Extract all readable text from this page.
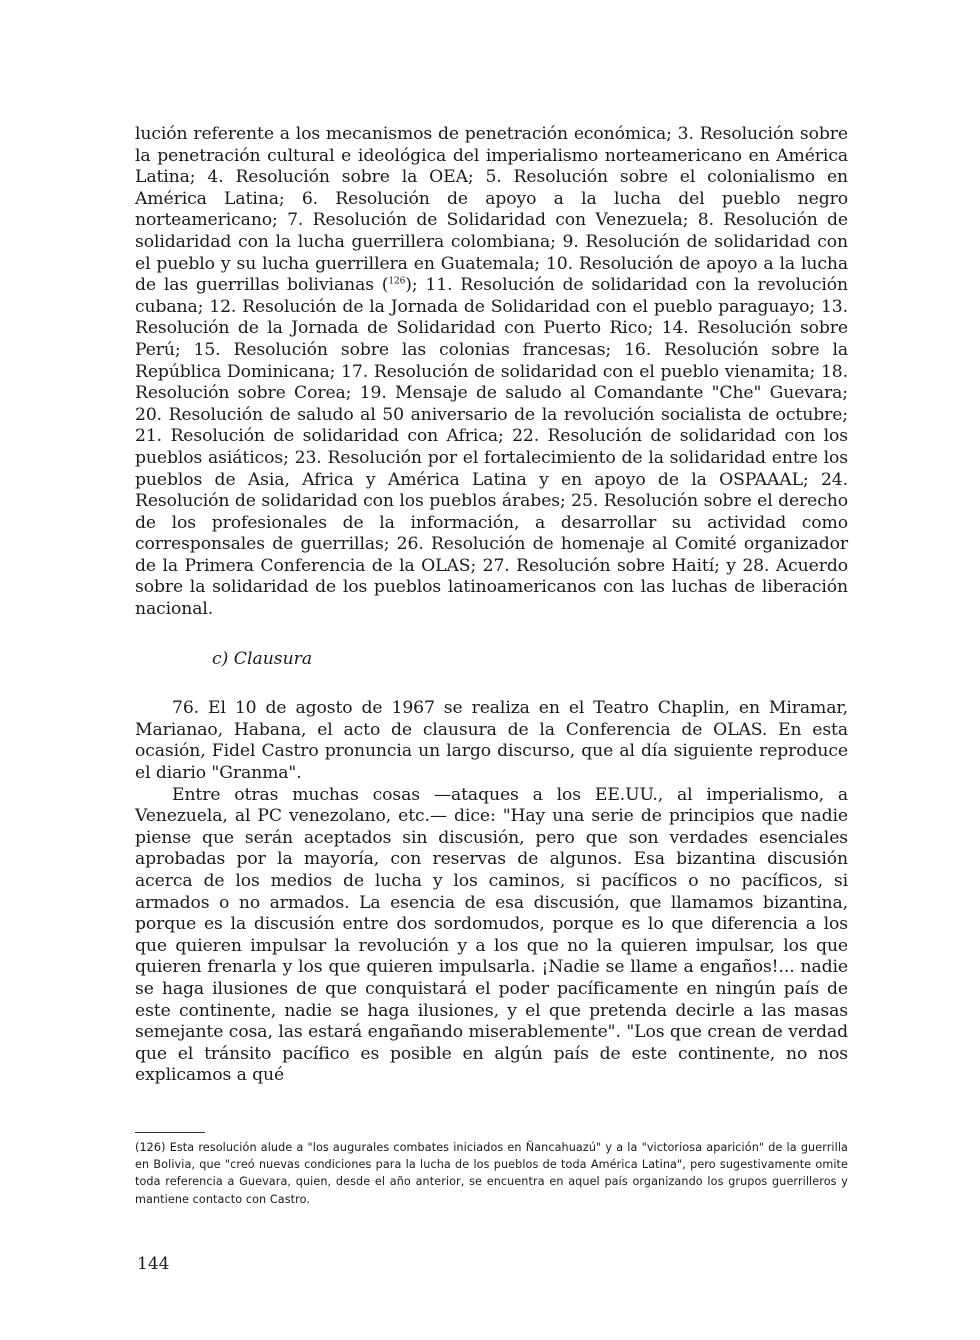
lución referente a los mecanismos de penetración económica; 3. Resolución sobre la penetración cultural e ideológica del imperialismo norteamericano en América Latina; 4. Resolución sobre la OEA; 5. Resolución sobre el colonialismo en América Latina; 6. Resolución de apoyo a la lucha del pueblo negro norteamericano; 7. Resolución de Solidaridad con Venezuela; 8. Resolución de solidaridad con la lucha guerrillera colombiana; 9. Resolución de solidaridad con el pueblo y su lucha guerrillera en Guatemala; 10. Resolución de apoyo a la lucha de las guerrillas bolivianas ($^{126}$); 11. Resolución de solidaridad con la revolución cubana; 12. Resolución de la Jornada de Solidaridad con el pueblo paraguayo; 13. Resolución de la Jornada de Solidaridad con Puerto Rico; 14. Resolución sobre Perú; 15. Resolución sobre las colonias francesas; 16. Resolución sobre la República Dominicana; 17. Resolución de solidaridad con el pueblo vienamita; 18. Resolución sobre Corea; 19. Mensaje de saludo al Comandante "Che" Guevara; 20. Resolución de saludo al 50 aniversario de la revolución socialista de octubre; 21. Resolución de solidaridad con Africa; 22. Resolución de solidaridad con los pueblos asiáticos; 23. Resolución por el fortalecimiento de la solidaridad entre los pueblos de Asia, Africa y América Latina y en apoyo de la OSPAAAL; 24. Resolución de solidaridad con los pueblos árabes; 25. Resolución sobre el derecho de los profesionales de la información, a desarrollar su actividad como corresponsales de guerrillas; 26. Resolución de homenaje al Comité organizador de la Primera Conferencia de la OLAS; 27. Resolución sobre Haití; y 28. Acuerdo sobre la solidaridad de los pueblos latinoamericanos con las luchas de liberación nacional.

c) Clausura

76. El 10 de agosto de 1967 se realiza en el Teatro Chaplin, en Miramar, Marianao, Habana, el acto de clausura de la Conferencia de OLAS. En esta ocasión, Fidel Castro pronuncia un largo discurso, que al día siguiente reproduce el diario "Granma".

Entre otras muchas cosas —ataques a los EE.UU., al imperialismo, a Venezuela, al PC venezolano, etc.— dice: "Hay una serie de principios que nadie piense que serán aceptados sin discusión, pero que son verdades esenciales aprobadas por la mayoría, con reservas de algunos. Esa bizantina discusión acerca de los medios de lucha y los caminos, si pacíficos o no pacíficos, si armados o no armados. La esencia de esa discusión, que llamamos bizantina, porque es la discusión entre dos sordomudos, porque es lo que diferencia a los que quieren impulsar la revolución y a los que no la quieren impulsar, los que quieren frenarla y los que quieren impulsarla. ¡Nadie se llame a engaños!... nadie se haga ilusiones de que conquistará el poder pacíficamente en ningún país de este continente, nadie se haga ilusiones, y el que pretenda decirle a las masas semejante cosa, las estará engañando miserablemente". "Los que crean de verdad que el tránsito pacífico es posible en algún país de este continente, no nos explicamos a qué

(126) Esta resolución alude a "los augurales combates iniciados en Ñancahuazú" y a la "victoriosa aparición" de la guerrilla en Bolivia, que "creó nuevas condiciones para la lucha de los pueblos de toda América Latina", pero sugestivamente omite toda referencia a Guevara, quien, desde el año anterior, se encuentra en aquel país organizando los grupos guerrilleros y mantiene contacto con Castro.
144
